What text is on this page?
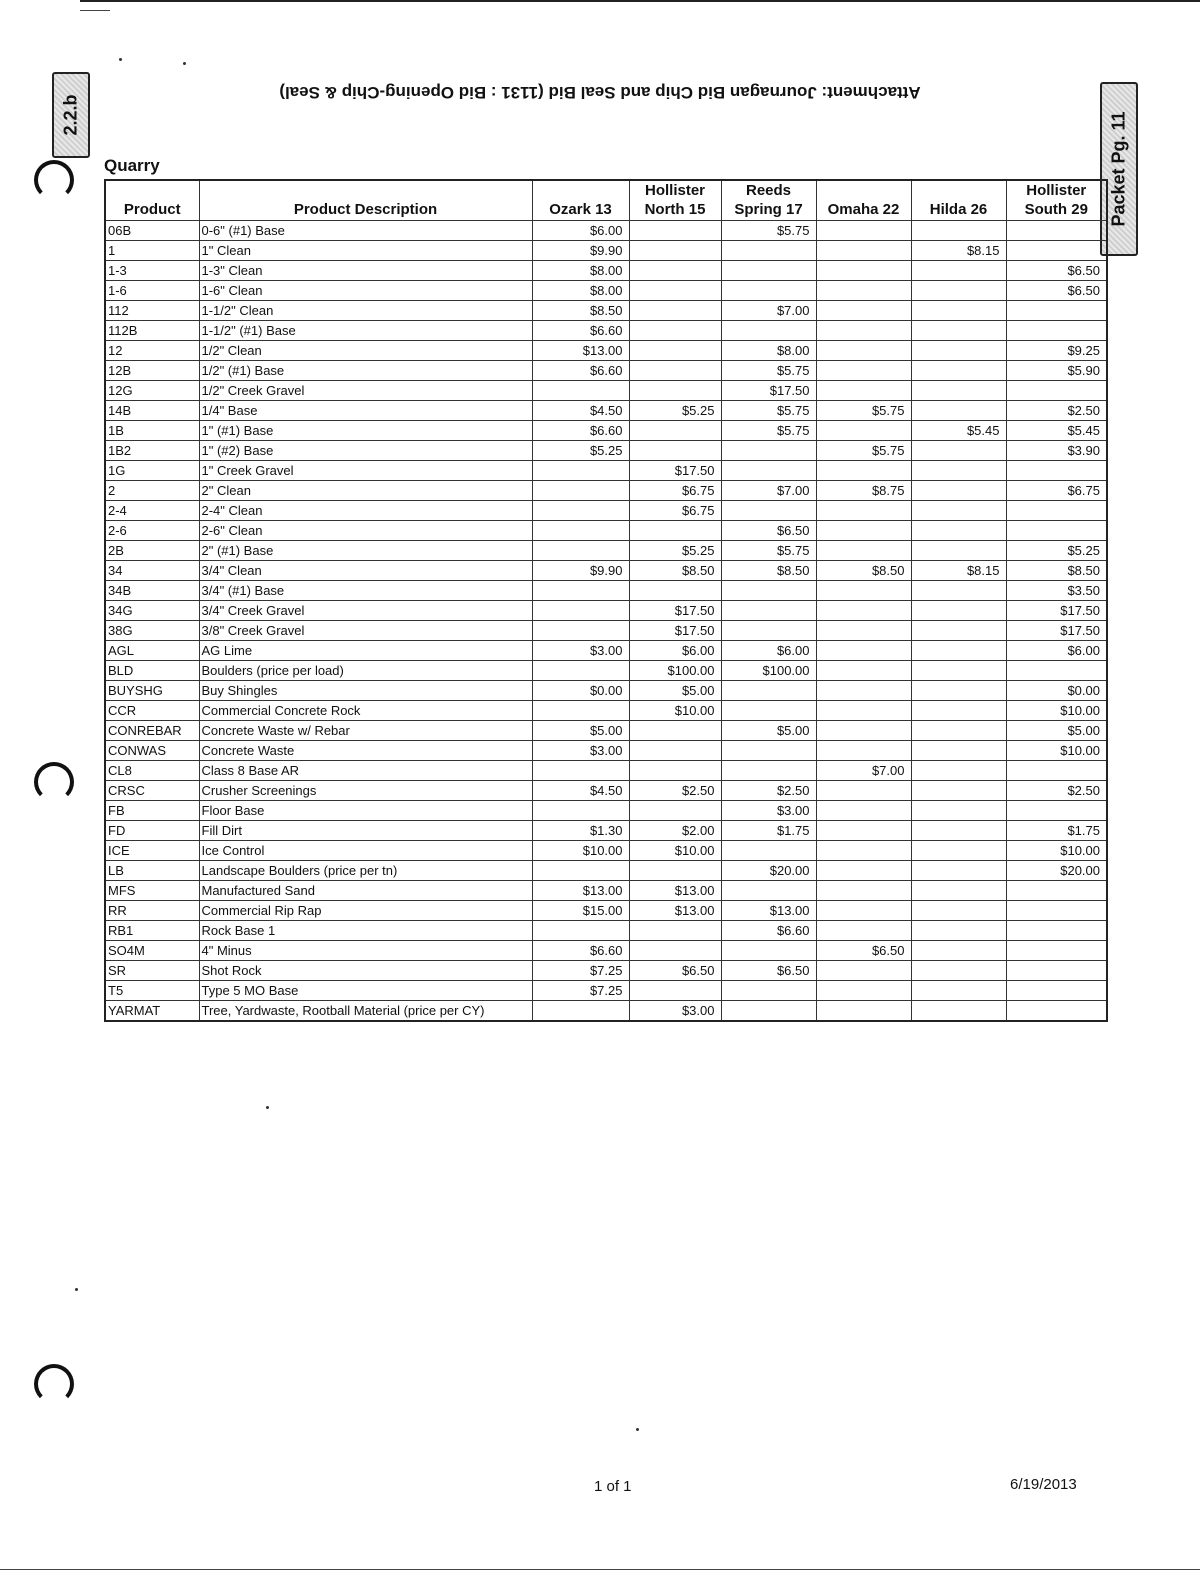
Attachment: Journagan Bid Chip and Seal Bid (1131 : Bid Opening-Chip & Seal)
2.2.b	Packet Pg. 11
Quarry
Product	Product Description	Ozark 13	Hollister North 15	Reeds Spring 17	Omaha 22	Hilda 26	Hollister South 29
06B	0-6" (#1) Base	$6.00		$5.75			
1	1" Clean	$9.90				$8.15	
1-3	1-3" Clean	$8.00					$6.50
1-6	1-6" Clean	$8.00					$6.50
112	1-1/2" Clean	$8.50		$7.00			
112B	1-1/2" (#1) Base	$6.60					
12	1/2" Clean	$13.00		$8.00			$9.25
12B	1/2" (#1) Base	$6.60		$5.75			$5.90
12G	1/2" Creek Gravel			$17.50			
14B	1/4" Base	$4.50	$5.25	$5.75	$5.75		$2.50
1B	1" (#1) Base	$6.60		$5.75		$5.45	$5.45
1B2	1" (#2) Base	$5.25			$5.75		$3.90
1G	1" Creek Gravel		$17.50				
2	2" Clean		$6.75	$7.00	$8.75		$6.75
2-4	2-4" Clean		$6.75				
2-6	2-6" Clean			$6.50			
2B	2" (#1) Base		$5.25	$5.75			$5.25
34	3/4" Clean	$9.90	$8.50	$8.50	$8.50	$8.15	$8.50
34B	3/4" (#1) Base						$3.50
34G	3/4" Creek Gravel		$17.50				$17.50
38G	3/8" Creek Gravel		$17.50				$17.50
AGL	AG Lime	$3.00	$6.00	$6.00			$6.00
BLD	Boulders (price per load)		$100.00	$100.00			
BUYSHG	Buy Shingles	$0.00	$5.00				$0.00
CCR	Commercial Concrete Rock		$10.00				$10.00
CONREBAR	Concrete Waste w/ Rebar	$5.00		$5.00			$5.00
CONWAS	Concrete Waste	$3.00					$10.00
CL8	Class 8 Base AR				$7.00		
CRSC	Crusher Screenings	$4.50	$2.50	$2.50			$2.50
FB	Floor Base			$3.00			
FD	Fill Dirt	$1.30	$2.00	$1.75			$1.75
ICE	Ice Control	$10.00	$10.00				$10.00
LB	Landscape Boulders (price per tn)			$20.00			$20.00
MFS	Manufactured Sand	$13.00	$13.00				
RR	Commercial Rip Rap	$15.00	$13.00	$13.00			
RB1	Rock Base 1			$6.60			
SO4M	4" Minus	$6.60			$6.50		
SR	Shot Rock	$7.25	$6.50	$6.50			
T5	Type 5 MO Base	$7.25					
YARMAT	Tree, Yardwaste, Rootball Material (price per CY)		$3.00				
1 of 1	6/19/2013
